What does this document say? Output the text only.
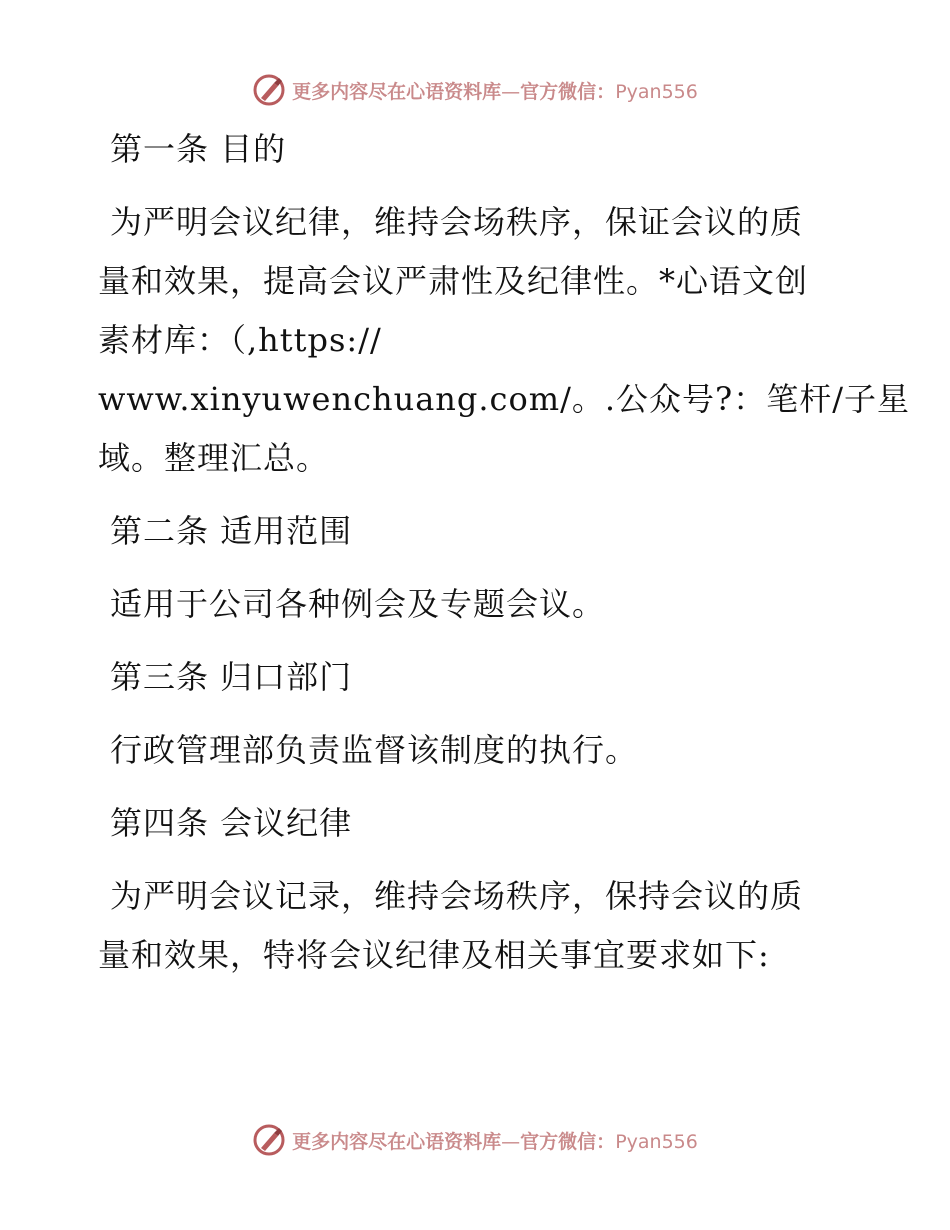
更多内容尽在心语资料库—官方微信：Pyan556
第一条 目的
为严明会议纪律，维持会场秩序，保证会议的质
量和效果，提高会议严肃性及纪律性。*心语文创
素材库：（,https://
www.xinyuwenchuang.com/。.公众号?：笔杆/子星
域。整理汇总。
第二条 适用范围
适用于公司各种例会及专题会议。
第三条 归口部门
行政管理部负责监督该制度的执行。
第四条 会议纪律
为严明会议记录，维持会场秩序，保持会议的质
量和效果，特将会议纪律及相关事宜要求如下:
更多内容尽在心语资料库—官方微信：Pyan556
